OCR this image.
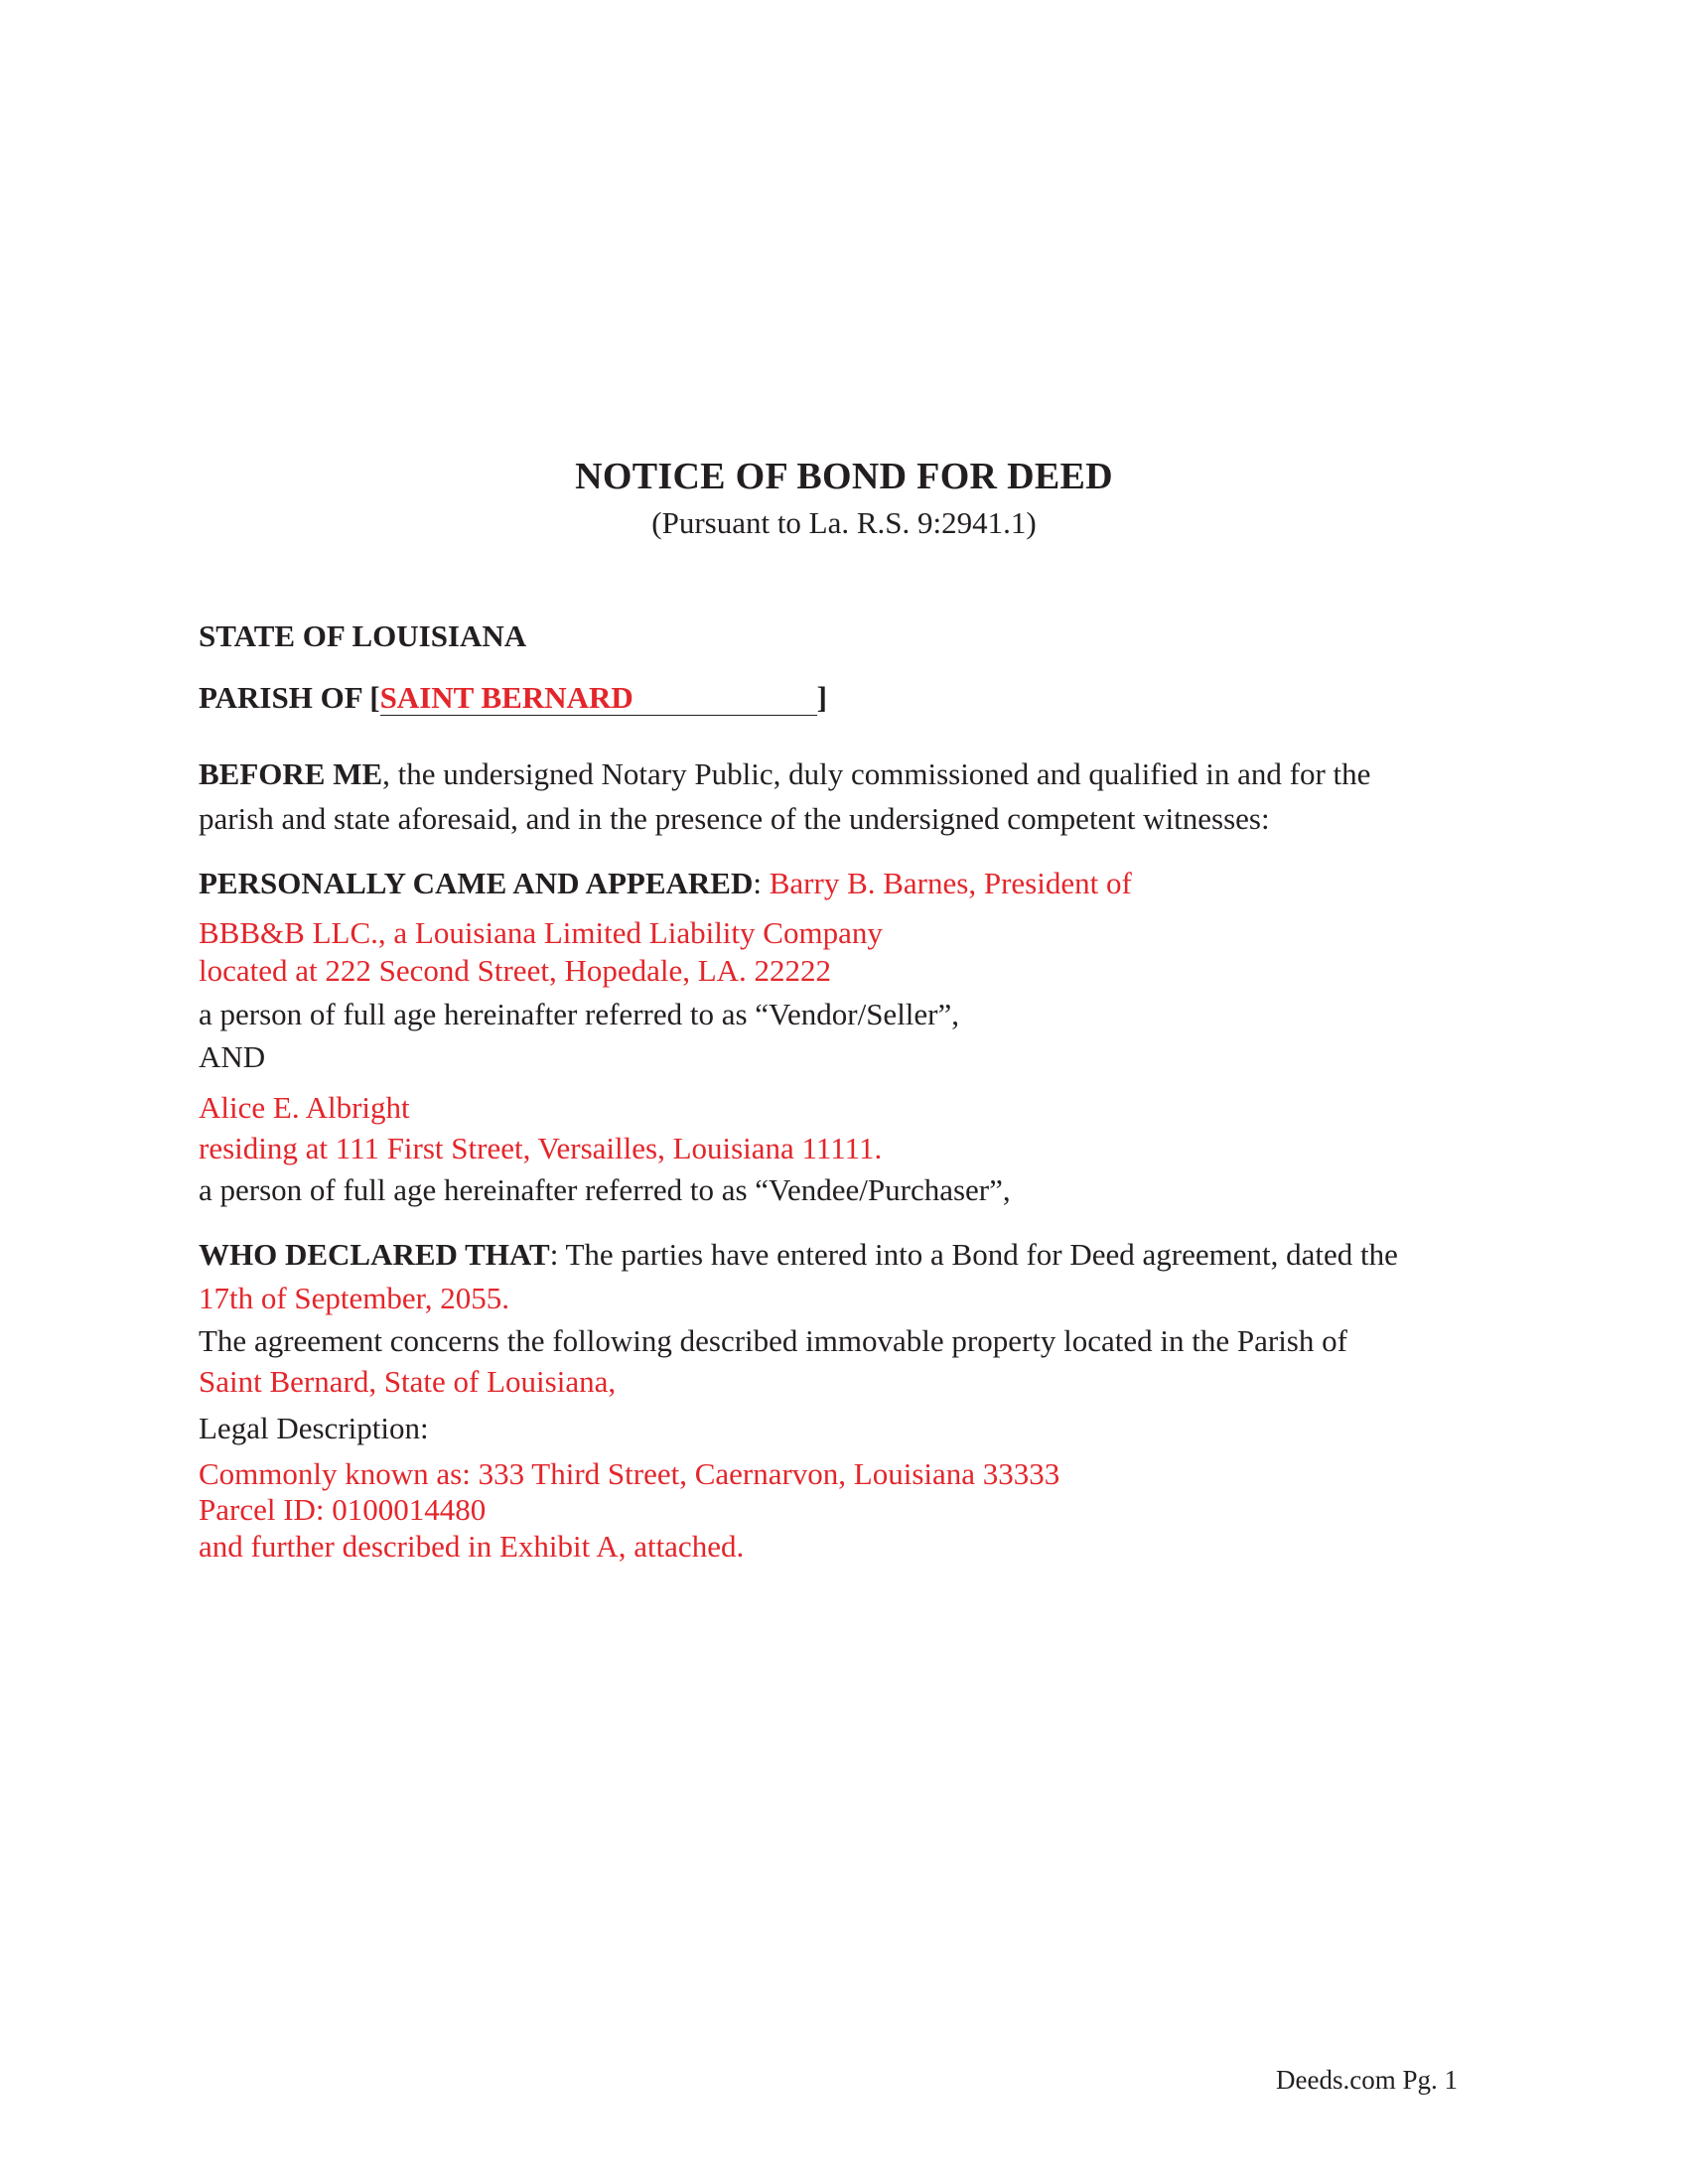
NOTICE OF BOND FOR DEED
(Pursuant to La. R.S. 9:2941.1)
STATE OF LOUISIANA
PARISH OF [SAINT BERNARD	]
BEFORE ME, the undersigned Notary Public, duly commissioned and qualified in and for the
parish and state aforesaid, and in the presence of the undersigned competent witnesses:
PERSONALLY CAME AND APPEARED: Barry B. Barnes, President of
BBB&B LLC., a Louisiana Limited Liability Company
located at 222 Second Street, Hopedale, LA. 22222
a person of full age hereinafter referred to as “Vendor/Seller”,
AND
Alice E. Albright
residing at 111 First Street, Versailles, Louisiana 11111.
a person of full age hereinafter referred to as “Vendee/Purchaser”,
WHO DECLARED THAT: The parties have entered into a Bond for Deed agreement, dated the
17th of September, 2055.
The agreement concerns the following described immovable property located in the Parish of
Saint Bernard, State of Louisiana,
Legal Description:
Commonly known as: 333 Third Street, Caernarvon, Louisiana 33333
Parcel ID: 0100014480
and further described in Exhibit A, attached.
Deeds.com Pg. 1
